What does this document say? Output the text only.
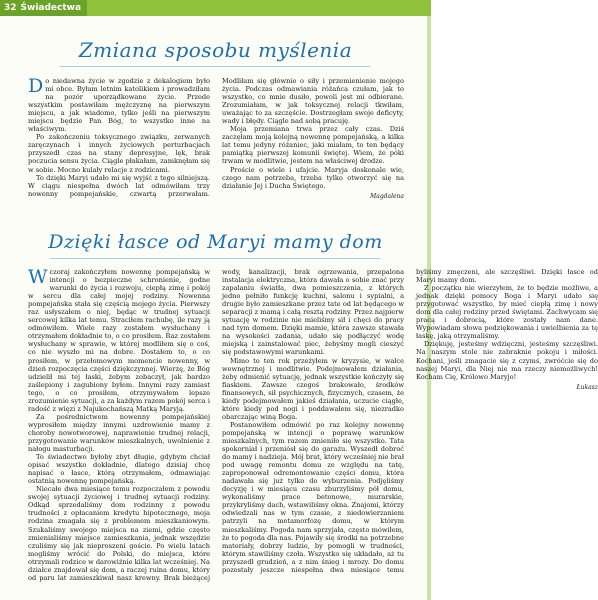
32 Świadectwa
Zmiana sposobu myślenia

Do niedawna życie w zgodzie z dekalogiem było mi obce. Byłam letnim katolikiem i prowadziłam na pozór uporządkowane życie. Przede wszystkim postawiłam mężczyznę na pierwszym miejscu, a jak wiadomo, tylko jeśli na pierwszym miejscu będzie Pan Bóg, to wszystko inne na właściwym.

Po zakończeniu toksycznego związku, zerwanych zaręczynach i innych życiowych perturbacjach przyszedł czas na stany depresyjne, lęk, brak poczucia sensu życia. Ciągle płakałam, zamknęłam się w sobie. Mocno kulały relacje z rodzicami.

To dzięki Maryi udało mi się wyjść z tego silniejszą. W ciągu niespełna dwóch lat odmówiłam trzy nowenny pompejańskie, czwartą przerwałam. Modliłam się głównie o siły i przemienienie mojego życia. Podczas odmawiania różańca czułam, jak to wszystko, co mnie dusiło, powoli jest mi odbierane. Zrozumiałam, w jak toksycznej relacji tkwiłam, uważając to za szczęście. Dostrzegłam swoje deficyty, wady i błędy. Ciągle nad sobą pracuję.

Moja przemiana trwa przez cały czas. Dziś zaczęłam moją kolejną nowennę pompejańską, a kilka lat temu jedyny różaniec, jaki miałam, to ten będący pamiątką pierwszej komunii świętej. Wiem, że póki trwam w modlitwie, jestem na właściwej drodze.

Proście o wiele i ufajcie. Maryja doskonale wie, czego nam potrzeba, trzeba tylko otworzyć się na działanie Jej i Ducha Świętego.

Magdalena
Dzięki łasce od Maryi mamy dom

Wczoraj zakończyłem nowennę pompejańską w intencji o bezpieczne schronienie, godne warunki do życia i rozwoju, ciepłą zimę i pokój w sercu dla całej mojej rodziny. Nowenna pompejańska stała się częścią mojego życia. Pierwszy raz usłyszałem o niej, będąc w trudnej sytuacji sercowej kilka lat temu. Straciłem rachubę, ile razy ją odmówiłem. Wiele razy zostałem wysłuchany i otrzymałem dokładnie to, o co prosiłem. Raz zostałem wysłuchany w sprawie, w której modliłem się o coś, co nie wyszło mi na dobre. Dostałem to, o co prosiłem, w przełomowym momencie nowenny, w dzień rozpoczęcia części dziękczynnej. Wierzę, że Bóg udzielił mi tej łaski, żebym zobaczył, jak bardzo zaślepiony i zagubiony byłem. Innymi razy zamiast tego, o co prosiłem, otrzymywałem lepsze zrozumienie sytuacji, a za każdym razem pokój serca i radość z więzi z Najukochańszą Matką Maryją.

Za pośrednictwem nowenny pompejańskiej wyprosiłem między innymi uzdrowienie mamy z choroby nowotworowej, naprawienie trudnej relacji, przygotowanie warunków mieszkalnych, uwolnienie z nałogu masturbacji.

To świadectwo byłoby zbyt długie, gdybym chciał opisać wszystko dokładnie, dlatego dzisiaj chcę napisać o łasce, którą otrzymałem, odmawiając ostatnią nowennę pompejańską.

Niecałe dwa miesiące temu rozpoczałem z powodu swojej sytuacji życiowej i trudnej sytuacji rodziny. Odkąd sprzedaliśmy dom rodzinny z powodu trudności z opłacaniem kredytu hipotecznego, moja rodzina zmagała się z problemem mieszkaniowym. Szukaliśmy swojego miejsca na ziemi, gdzie często zmienialiśmy miejsce zamieszkania, jednak wszędzie czuliśmy się jak nieproszeni goście. Po wielu latach mogliśmy wrócić do Polski, do miejsca, które otrzymali rodzice w darowiźnie kilka lat wcześniej. Na działce znajdował się dom, a raczej ruina domu, który od paru lat zamieszkiwał nasz krewny. Brak bieżącej wody, kanalizacji, brak ogrzewania, przepalona instalacja elektryczna, która dawała o sobie znać przy zapalaniu światła, dwa pomieszczenia, z których jedno pełniło funkcję kuchni, salonu i sypialni, a drugie było zamieszkane przez tate od lat będącego w separacji z mamą i całą resztą rodziny. Przez najpierw sytuację w rodzinie nie mieliśmy sił i chęci do pracy nad tym domem. Dzięki mamie, która zawsze stawała na wysokości zadania, udało się podłączyć wodę miejską i zainstalować piec, żebyśmy mogli cieszyć się podstawowymi warunkami.

Mimo to ten rok przeżyłem w kryzysie, w walce wewnętrznej i modlitwie. Podejmowałem działania, żeby odmienić sytuację, jednak wszystkie kończyły się fiaskiem. Zawsze czegoś brakowało, środków finansowych, sił psychicznych, fizycznych, czasem, że kiedy podejmowałem jakieś działania, uczucie ciągłe, które kiedy pod nogi i poddawałem się, niezradko obarczając winą Boga.

Postanowiłem odmówić po raz kolejny nowennę pompejańską w intencji o poprawę warunków mieszkalnych, tym razem zmieniło się wszystko. Tata spokorniał i przeniósł się do garażu. Wyszedł dobroć do mamy i nadzieja. Mój brat, który wcześniej nie brał pod uwagę remontu domu ze względu na tatę, zaproponował odremontowanie części domu, która nadawała się już tylko do wyburzenia. Podjęliśmy decyzję i w miesiącu czasu zburzyliśmy pół domu, wykonaliśmy prace betonowe, murarskie, przykryliśmy dach, wstawiliśmy okna. Znajomi, którzy odwiedzali nas w tym czasie, z niedowierzaniem patrzyli na metamorfozę domu, w którym mieszkaliśmy. Pogoda nam sprzyjała, często mówiłem, że to pogoda dla nas. Pojawiły się środki na potrzebne materiały, dobrzy ludzie, by pomogli w trudności, którym stawiliśmy czoła. Wszystko się układało, aż tu przyszedł grudzień, a z nim śnieg i mrozy. Do domu pozostały jeszcze niespełna dwa miesiące temu byliśmy zmęczeni, ale szczęśliwi. Dzięki łasce od Maryi mamy dom.

Z początku nie wierzyłem, że to będzie możliwe, a jednak dzięki pomocy Boga i Maryi udało się przygotować wszystko, by mieć ciepłą zimę i nowy dom dla całej rodziny przed świętami. Zachwycam się pracą i dobrocią, które zostały nam dane. Wypowiadam słowa podziękowania i uwielbienia za tę łaskę, jaką otrzymaliśmy.

Dziękuję, jesteśmy wdzięczni, jesteśmy szczęśliwi. Na naszym stole nie zabraknie pokoju i miłości. Kochani, jeśli zmagacie się z czymś, zwróćcie się do naszej Maryi, dla Niej nie ma rzeczy niemożliwych! Kocham Cię, Królowo Maryjo!

Łukasz
